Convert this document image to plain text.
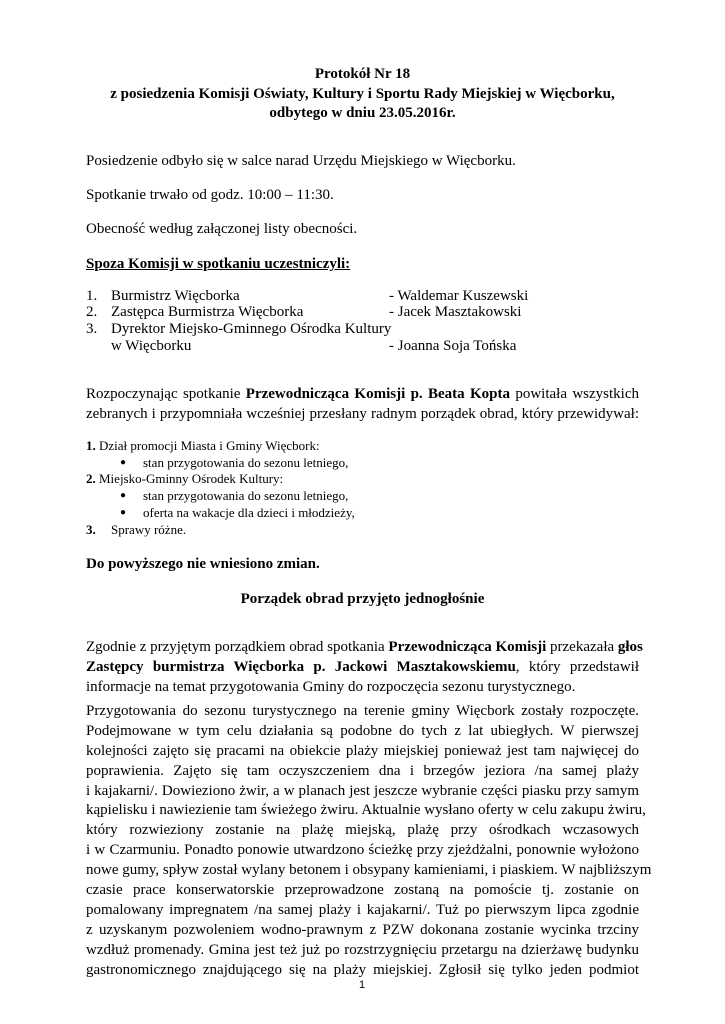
Protokół Nr 18
z posiedzenia Komisji Oświaty, Kultury i Sportu Rady Miejskiej w Więcborku,
odbytego w dniu 23.05.2016r.
Posiedzenie odbyło się w salce narad Urzędu Miejskiego w Więcborku.
Spotkanie trwało od godz. 10:00 – 11:30.
Obecność według załączonej listy obecności.
Spoza Komisji w spotkaniu uczestniczyli:
1. Burmistrz Więcborka	- Waldemar Kuszewski
2. Zastępca Burmistrza Więcborka	- Jacek Masztakowski
3. Dyrektor Miejsko-Gminnego Ośrodka Kultury
w Więcborku	- Joanna Soja Tońska
Rozpoczynając spotkanie Przewodnicząca Komisji p. Beata Kopta powitała wszystkich
zebranych i przypomniała wcześniej przesłany radnym porządek obrad, który przewidywał:
1. Dział promocji Miasta i Gminy Więcbork:
● stan przygotowania do sezonu letniego,
2. Miejsko-Gminny Ośrodek Kultury:
● stan przygotowania do sezonu letniego,
● oferta na wakacje dla dzieci i młodzieży,
3. Sprawy różne.
Do powyższego nie wniesiono zmian.
Porządek obrad przyjęto jednogłośnie
Zgodnie z przyjętym porządkiem obrad spotkania Przewodnicząca Komisji przekazała głos
Zastępcy burmistrza Więcborka p. Jackowi Masztakowskiemu, który przedstawił
informacje na temat przygotowania Gminy do rozpoczęcia sezonu turystycznego.
Przygotowania do sezonu turystycznego na terenie gminy Więcbork zostały rozpoczęte.
Podejmowane w tym celu działania są podobne do tych z lat ubiegłych. W pierwszej
kolejności zajęto się pracami na obiekcie plaży miejskiej ponieważ jest tam najwięcej do
poprawienia. Zajęto się tam oczyszczeniem dna i brzegów jeziora /na samej plaży
i kajakarni/. Dowieziono żwir, a w planach jest jeszcze wybranie części piasku przy samym
kąpielisku i nawiezienie tam świeżego żwiru. Aktualnie wysłano oferty w celu zakupu żwiru,
który rozwieziony zostanie na plażę miejską, plażę przy ośrodkach wczasowych
i w Czarmuniu. Ponadto ponowie utwardzono ścieżkę przy zjeżdżalni, ponownie wyłożono
nowe gumy, spływ został wylany betonem i obsypany kamieniami, i piaskiem. W najbliższym
czasie prace konserwatorskie przeprowadzone zostaną na pomoście tj. zostanie on
pomalowany impregnatem /na samej plaży i kajakarni/. Tuż po pierwszym lipca zgodnie
z uzyskanym pozwoleniem wodno-prawnym z PZW dokonana zostanie wycinka trzciny
wzdłuż promenady. Gmina jest też już po rozstrzygnięciu przetargu na dzierżawę budynku
gastronomicznego znajdującego się na plaży miejskiej. Zgłosił się tylko jeden podmiot
1
